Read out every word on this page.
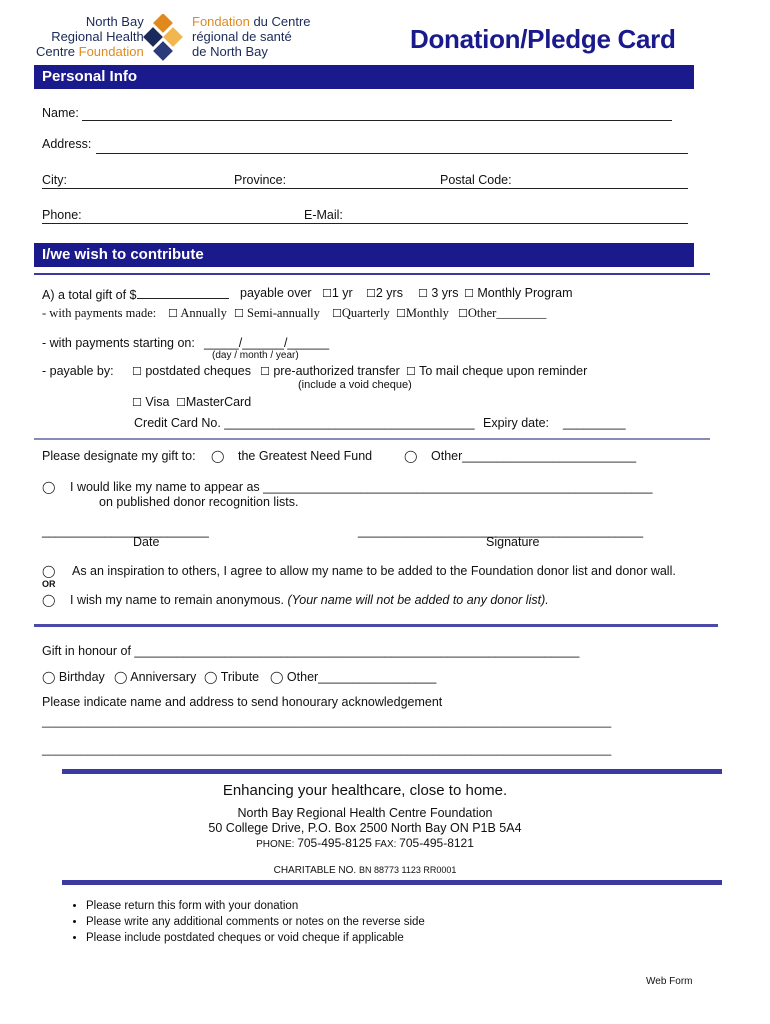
North Bay
Regional Health
Centre Foundation
Fondation du Centre
régional de santé
de North Bay	Donation/Pledge Card
Personal Info
Name:
Address:
City:	Province:	Postal Code:
Phone:	E-Mail:
I/we wish to contribute
A) a total gift of $	payable over ☐1 yr ☐2 yrs ☐ 3 yrs ☐ Monthly Program
- with payments made: ☐ Annually ☐ Semi-annually ☐Quarterly ☐Monthly ☐Other________
- with payments starting on: _____/______/______
(day / month / year)
- payable by: ☐ postdated cheques ☐ pre-authorized transfer ☐ To mail cheque upon reminder
(include a void cheque)
☐ Visa ☐MasterCard
Credit Card No. ____________________________________ Expiry date: _________
Please designate my gift to: ◯ the Greatest Need Fund	◯ Other_________________________
◯ I would like my name to appear as ________________________________________________________
on published donor recognition lists.
________________________
Date
_________________________________________
Signature
◯ As an inspiration to others, I agree to allow my name to be added to the Foundation donor list and donor wall.
OR
◯ I wish my name to remain anonymous. (Your name will not be added to any donor list).
Gift in honour of ________________________________________________________________
◯ Birthday ◯ Anniversary ◯ Tribute ◯ Other_________________
Please indicate name and address to send honourary acknowledgement
_________________________________________________________________________________________
_________________________________________________________________________________________
Enhancing your healthcare, close to home.
North Bay Regional Health Centre Foundation
50 College Drive, P.O. Box 2500 North Bay ON P1B 5A4
PHONE: 705-495-8125 FAX: 705-495-8121
CHARITABLE NO. BN 88773 1123 RR0001
• Please return this form with your donation
• Please write any additional comments or notes on the reverse side
• Please include postdated cheques or void cheque if applicable
Web Form
